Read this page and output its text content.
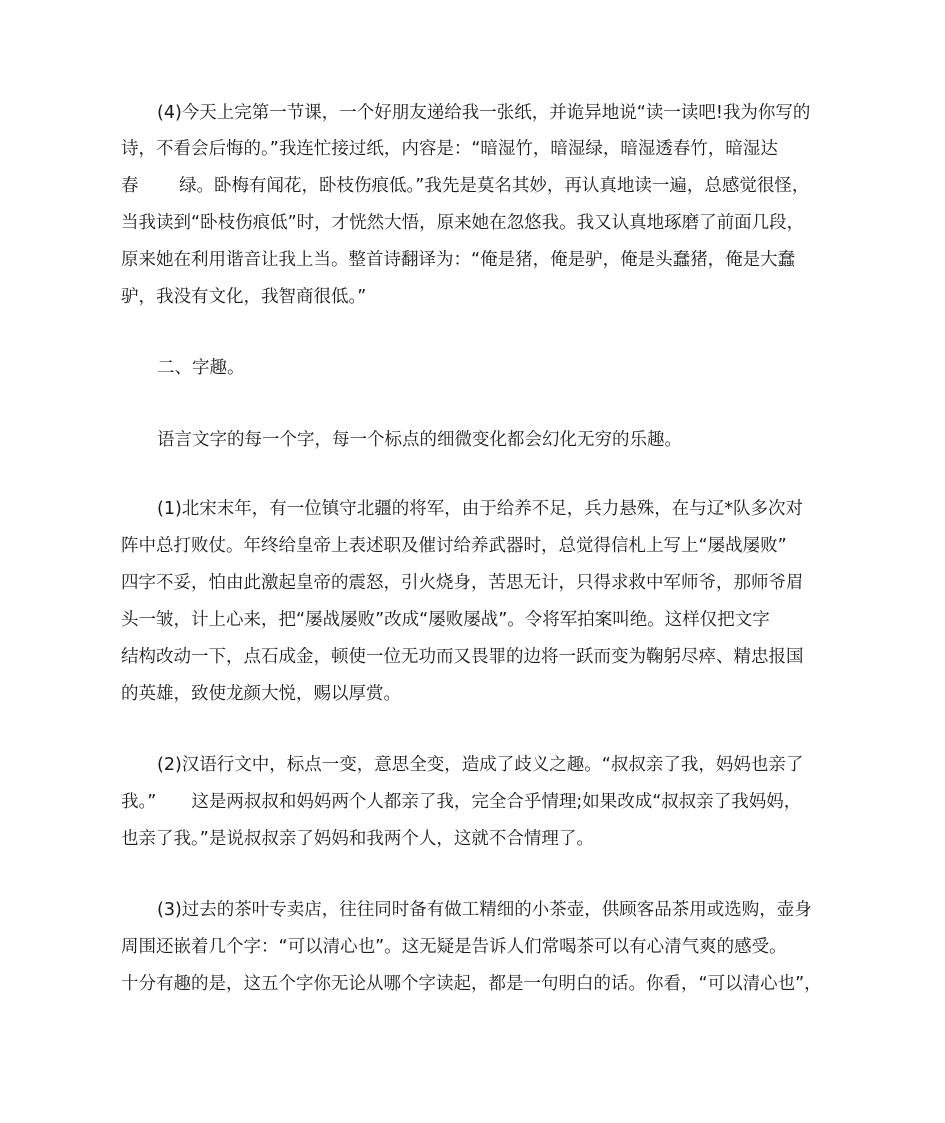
(4)今天上完第一节课，一个好朋友递给我一张纸，并诡异地说“读一读吧!我为你写的
诗，不看会后悔的。”我连忙接过纸，内容是：“暗湿竹，暗湿绿，暗湿透春竹，暗湿达
春　　 绿。卧梅有闻花，卧枝伤痕低。”我先是莫名其妙，再认真地读一遍，总感觉很怪，
当我读到“卧枝伤痕低”时，才恍然大悟，原来她在忽悠我。我又认真地琢磨了前面几段，
原来她在利用谐音让我上当。整首诗翻译为：“俺是猪，俺是驴，俺是头蠢猪，俺是大蠢
驴，我没有文化，我智商很低。”
二、字趣。
语言文字的每一个字，每一个标点的细微变化都会幻化无穷的乐趣。
(1)北宋末年，有一位镇守北疆的将军，由于给养不足，兵力悬殊，在与辽*队多次对
阵中总打败仗。年终给皇帝上表述职及催讨给养武器时，总觉得信札上写上“屡战屡败”
四字不妥，怕由此激起皇帝的震怒，引火烧身，苦思无计，只得求救中军师爷，那师爷眉
头一皱，计上心来，把“屡战屡败”改成“屡败屡战”。令将军拍案叫绝。这样仅把文字
结构改动一下，点石成金，顿使一位无功而又畏罪的边将一跃而变为鞠躬尽瘁、精忠报国
的英雄，致使龙颜大悦，赐以厚赏。
(2)汉语行文中，标点一变，意思全变，造成了歧义之趣。“叔叔亲了我，妈妈也亲了
我。”　　这是两叔叔和妈妈两个人都亲了我，完全合乎情理;如果改成“叔叔亲了我妈妈，
也亲了我。”是说叔叔亲了妈妈和我两个人，这就不合情理了。
(3)过去的茶叶专卖店，往往同时备有做工精细的小茶壶，供顾客品茶用或选购，壶身
周围还嵌着几个字：“可以清心也”。这无疑是告诉人们常喝茶可以有心清气爽的感受。
十分有趣的是，这五个字你无论从哪个字读起，都是一句明白的话。你看，“可以清心也”，
